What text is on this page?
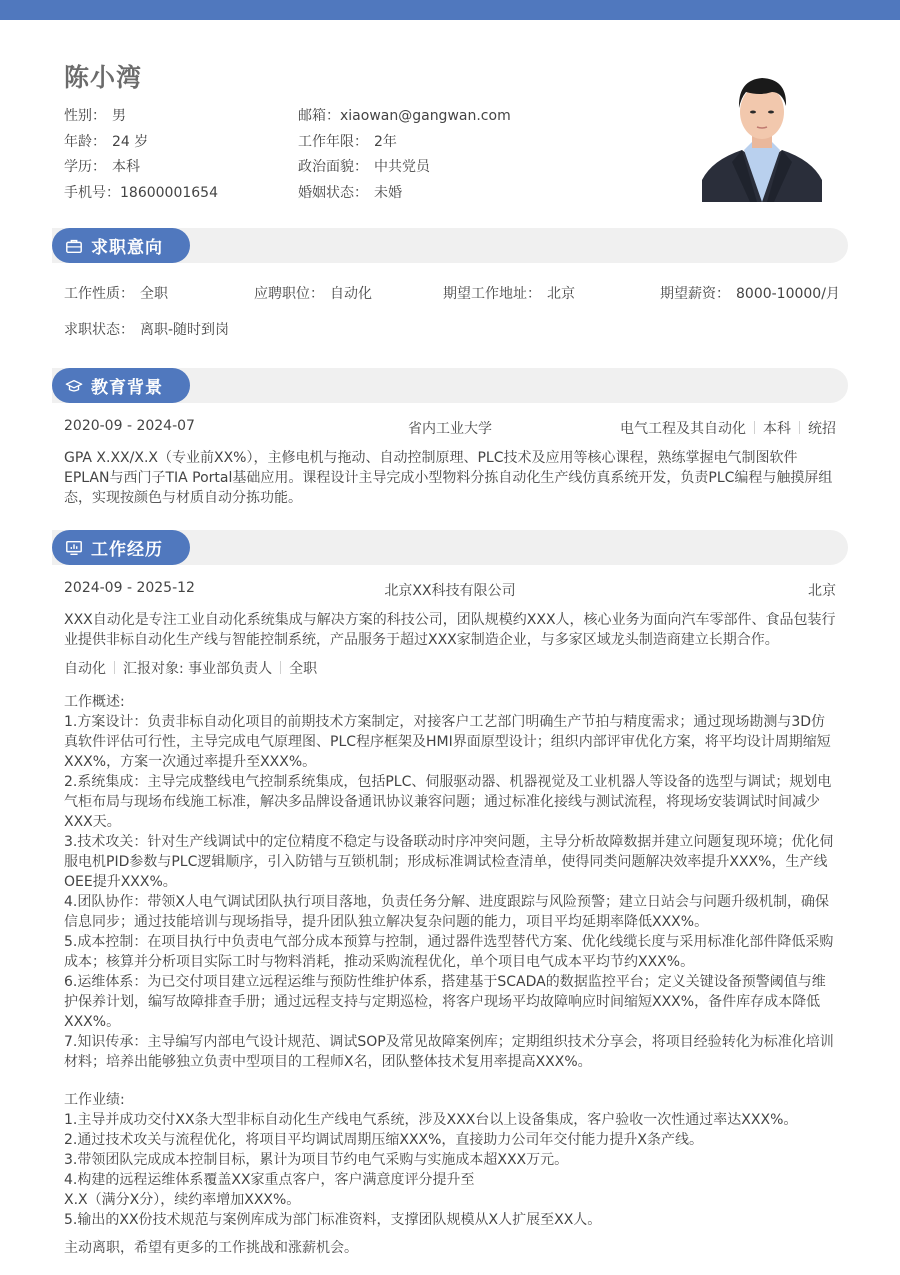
陈小湾
性别： 男
年龄： 24 岁
学历： 本科
手机号：18600001654
邮箱：xiaowan@gangwan.com
工作年限： 2年
政治面貌： 中共党员
婚姻状态： 未婚
求职意向
工作性质： 全职	应聘职位： 自动化	期望工作地址： 北京	期望薪资： 8000-10000/月
求职状态： 离职-随时到岗
教育背景
2020-09 - 2024-07	省内工业大学	电气工程及其自动化 本科 统招
GPA X.XX/X.X（专业前XX%），主修电机与拖动、自动控制原理、PLC技术及应用等核心课程，熟练掌握电气制图软件EPLAN与西门子TIA Portal基础应用。课程设计主导完成小型物料分拣自动化生产线仿真系统开发，负责PLC编程与触摸屏组态，实现按颜色与材质自动分拣功能。
工作经历
2024-09 - 2025-12	北京XX科技有限公司	北京
XXX自动化是专注工业自动化系统集成与解决方案的科技公司，团队规模约XXX人，核心业务为面向汽车零部件、食品包装行业提供非标自动化生产线与智能控制系统，产品服务于超过XXX家制造企业，与多家区域龙头制造商建立长期合作。
自动化 汇报对象: 事业部负责人 全职

工作概述:

1.方案设计：负责非标自动化项目的前期技术方案制定，对接客户工艺部门明确生产节拍与精度需求；通过现场勘测与3D仿真软件评估可行性，主导完成电气原理图、PLC程序框架及HMI界面原型设计；组织内部评审优化方案，将平均设计周期缩短XXX%，方案一次通过率提升至XXX%。

2.系统集成：主导完成整线电气控制系统集成，包括PLC、伺服驱动器、机器视觉及工业机器人等设备的选型与调试；规划电气柜布局与现场布线施工标准，解决多品牌设备通讯协议兼容问题；通过标准化接线与测试流程，将现场安装调试时间减少XXX天。

3.技术攻关：针对生产线调试中的定位精度不稳定与设备联动时序冲突问题，主导分析故障数据并建立问题复现环境；优化伺服电机PID参数与PLC逻辑顺序，引入防错与互锁机制；形成标准调试检查清单，使得同类问题解决效率提升XXX%，生产线OEE提升XXX%。

4.团队协作：带领X人电气调试团队执行项目落地，负责任务分解、进度跟踪与风险预警；建立日站会与问题升级机制，确保信息同步；通过技能培训与现场指导，提升团队独立解决复杂问题的能力，项目平均延期率降低XXX%。

5.成本控制：在项目执行中负责电气部分成本预算与控制，通过器件选型替代方案、优化线缆长度与采用标准化部件降低采购成本；核算并分析项目实际工时与物料消耗，推动采购流程优化，单个项目电气成本平均节约XXX%。

6.运维体系：为已交付项目建立远程运维与预防性维护体系，搭建基于SCADA的数据监控平台；定义关键设备预警阈值与维护保养计划，编写故障排查手册；通过远程支持与定期巡检，将客户现场平均故障响应时间缩短XXX%，备件库存成本降低XXX%。

7.知识传承：主导编写内部电气设计规范、调试SOP及常见故障案例库；定期组织技术分享会，将项目经验转化为标准化培训材料；培养出能够独立负责中型项目的工程师X名，团队整体技术复用率提高XXX%。

工作业绩:

1.主导并成功交付XX条大型非标自动化生产线电气系统，涉及XXX台以上设备集成，客户验收一次性通过率达XXX%。

2.通过技术攻关与流程优化，将项目平均调试周期压缩XXX%，直接助力公司年交付能力提升X条产线。

3.带领团队完成成本控制目标，累计为项目节约电气采购与实施成本超XXX万元。

4.构建的远程运维体系覆盖XX家重点客户，客户满意度评分提升至

X.X（满分X分），续约率增加XXX%。

5.输出的XX份技术规范与案例库成为部门标准资料，支撑团队规模从X人扩展至XX人。

主动离职，希望有更多的工作挑战和涨薪机会。
